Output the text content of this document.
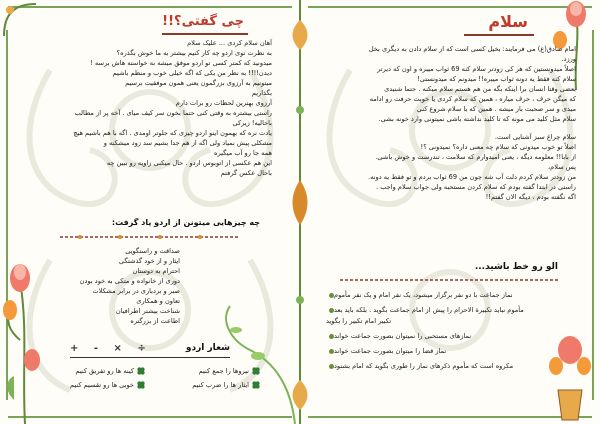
چی گفتی؟!!
آهان سلام کردی ... علیک سلام
به نظرت توی اردو چه کار کنیم بیشتر به ما خوش بگذره؟
میدونید که کمتر کسی تو اردو موفق میشه به خواسته هاش برسه !
دیدن!!!! به نظر من یکی که اگه خیلی خوب و منظم باشیم
میتونیم به آرزوی بزرگمون یعنی همون موفقیت برسیم
بگذاریم
آرزوی بهترین لحظات رو برات دارم
راستی بیشتره به وقتی کنی حتما بخون سر کیف میای . آخه پر از مطالب
باحالیه! زیرکی
یادت نره که بهمون اینو اردو چیزی که جلوتر اومدی . اگه با هم باشیم هیچ
مشکلی پیش نمیاد ولی اگه از هم جدا بشیم سد زود میشکنه و
همه جا رو آب میگیره
این هم عکسی از اتوبوس اردو . حال میکنی زاویه رو ببین چه
باحال عکس گرفتم
چه چیزهایی میتونن از اردو یاد گرفت:
صداقت و راستگویی
ایثار و از خود گذشتگی
احترام به دوستان
دوری از خانواده و متکی به خود بودن
صبر و بردباری در برابر مشکلات
تعاون و همکاری
شناخت بیشتر اطرافیان
اطاعت از بزرگتره
شعار اردو
÷ × - +
نیروها را جمع کنیم
کینه ها رو تفریق کنیم
ایثار ها را ضرب کنیم
خوبی ها رو تقسیم کنیم
سلام
امام صادق(ع) می فرمایند: بخیل کسی است که از سلام دادن به دیگری بخل
ورزد.
اصلاً میدونستین که هر کی زودتر سلام کنه 69 ثواب میبره و اون که دیرتر
سلام کنه فقط یه دونه ثواب میبره!! میدونم که میدونستی!
بعضی وقتا انسان برا اینکه بگه من هم هستم سلام میکنه . حتما شنیدی
که میگن حرف ، حرف میاره ، همین که سلام کردی یا خوبت حرفت رو ادامه
میدی و سر صحبت باز میشه . همین که با سلام شروع کنی
سلام مثل کلید می مونه که تا کلید نداشته باشی نمیتونی وارد خونه بشی.
سلام چراغ سبز آشنایی است.
اصلاً تو خوب میدونی که سلام چه معنی داره؟ نمیدونی ؟!
از بابا!! معلومه دیگه ، یعنی امیدوارم که سلامت ، تندرست و خوش باشی.
پس سلام،
من زودتر سلام کردم دلت آب شه چون من 69 ثواب بردم و تو فقط یه دونه.
راستی در ابتدا گفته بودم که سلام کردن مستحبه ولی جواب سلام واجب .
اگه نگفته بودم ، دیگه الان گفتم!!
الو رو خط باشید...
نماز جماعت با دو نفر برگزار میشود، یک نفر امام و یک نفر مأموم
مأموم نباید تکبیرة الاحرام را پیش از امام جماعت بگوید . بلکه باید بعد
تکبیر امام تکبیر را بگوید
نمازهای مستحبی را نمیتوان بصورت جماعت خواند
نماز قضا را میتوان بصورت جماعت خواند
مکروه است که مأموم ذکرهای نماز را طوری بگوید که امام بشنود
